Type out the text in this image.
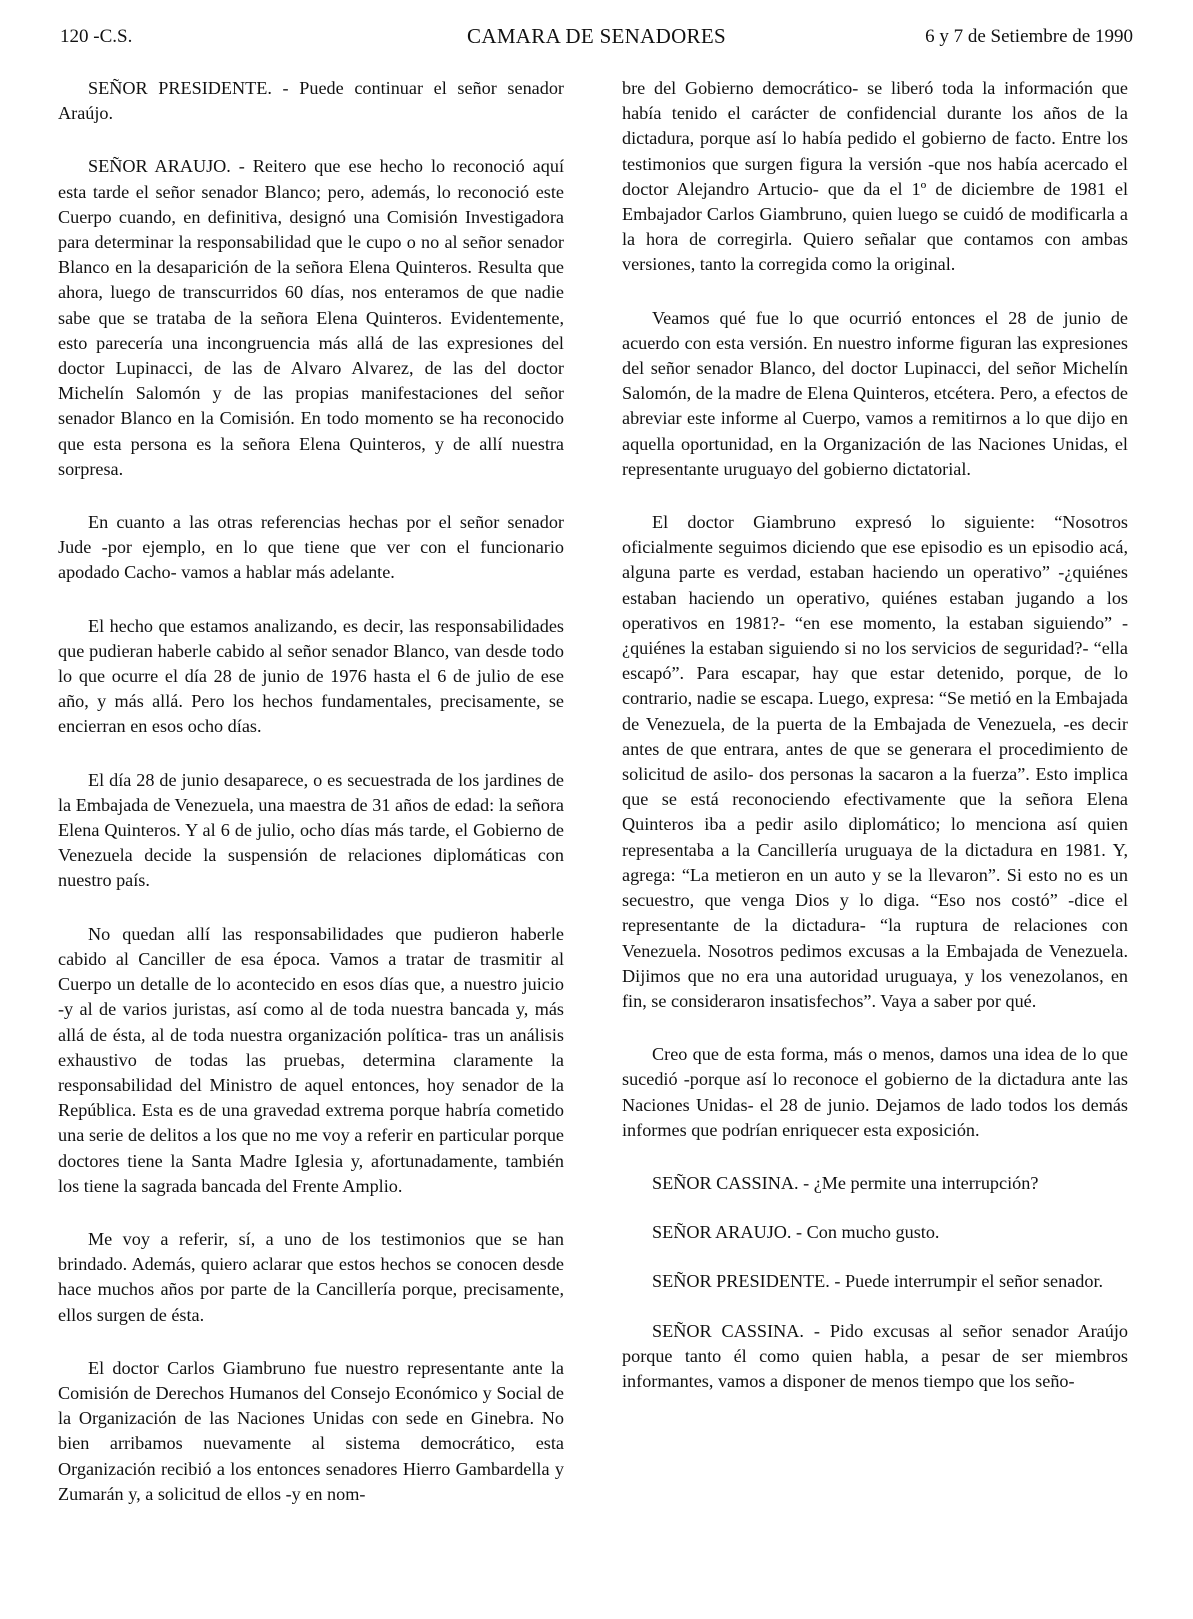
120 -C.S.	CAMARA DE SENADORES	6 y 7 de Setiembre de 1990

SEÑOR PRESIDENTE. - Puede continuar el señor senador Araújo.

SEÑOR ARAUJO. - Reitero que ese hecho lo reconoció aquí esta tarde el señor senador Blanco; pero, además, lo reconoció este Cuerpo cuando, en definitiva, designó una Comisión Investigadora para determinar la responsabilidad que le cupo o no al señor senador Blanco en la desaparición de la señora Elena Quinteros. Resulta que ahora, luego de transcurridos 60 días, nos enteramos de que nadie sabe que se trataba de la señora Elena Quinteros. Evidentemente, esto parecería una incongruencia más allá de las expresiones del doctor Lupinacci, de las de Alvaro Alvarez, de las del doctor Michelín Salomón y de las propias manifestaciones del señor senador Blanco en la Comisión. En todo momento se ha reconocido que esta persona es la señora Elena Quinteros, y de allí nuestra sorpresa.

En cuanto a las otras referencias hechas por el señor senador Jude -por ejemplo, en lo que tiene que ver con el funcionario apodado Cacho- vamos a hablar más adelante.

El hecho que estamos analizando, es decir, las responsabilidades que pudieran haberle cabido al señor senador Blanco, van desde todo lo que ocurre el día 28 de junio de 1976 hasta el 6 de julio de ese año, y más allá. Pero los hechos fundamentales, precisamente, se encierran en esos ocho días.

El día 28 de junio desaparece, o es secuestrada de los jardines de la Embajada de Venezuela, una maestra de 31 años de edad: la señora Elena Quinteros. Y al 6 de julio, ocho días más tarde, el Gobierno de Venezuela decide la suspensión de relaciones diplomáticas con nuestro país.

No quedan allí las responsabilidades que pudieron haberle cabido al Canciller de esa época. Vamos a tratar de trasmitir al Cuerpo un detalle de lo acontecido en esos días que, a nuestro juicio -y al de varios juristas, así como al de toda nuestra bancada y, más allá de ésta, al de toda nuestra organización política- tras un análisis exhaustivo de todas las pruebas, determina claramente la responsabilidad del Ministro de aquel entonces, hoy senador de la República. Esta es de una gravedad extrema porque habría cometido una serie de delitos a los que no me voy a referir en particular porque doctores tiene la Santa Madre Iglesia y, afortunadamente, también los tiene la sagrada bancada del Frente Amplio.

Me voy a referir, sí, a uno de los testimonios que se han brindado. Además, quiero aclarar que estos hechos se conocen desde hace muchos años por parte de la Cancillería porque, precisamente, ellos surgen de ésta.

El doctor Carlos Giambruno fue nuestro representante ante la Comisión de Derechos Humanos del Consejo Económico y Social de la Organización de las Naciones Unidas con sede en Ginebra. No bien arribamos nuevamente al sistema democrático, esta Organización recibió a los entonces senadores Hierro Gambardella y Zumarán y, a solicitud de ellos -y en nom-

bre del Gobierno democrático- se liberó toda la información que había tenido el carácter de confidencial durante los años de la dictadura, porque así lo había pedido el gobierno de facto. Entre los testimonios que surgen figura la versión -que nos había acercado el doctor Alejandro Artucio- que da el 1º de diciembre de 1981 el Embajador Carlos Giambruno, quien luego se cuidó de modificarla a la hora de corregirla. Quiero señalar que contamos con ambas versiones, tanto la corregida como la original.

Veamos qué fue lo que ocurrió entonces el 28 de junio de acuerdo con esta versión. En nuestro informe figuran las expresiones del señor senador Blanco, del doctor Lupinacci, del señor Michelín Salomón, de la madre de Elena Quinteros, etcétera. Pero, a efectos de abreviar este informe al Cuerpo, vamos a remitirnos a lo que dijo en aquella oportunidad, en la Organización de las Naciones Unidas, el representante uruguayo del gobierno dictatorial.

El doctor Giambruno expresó lo siguiente: “Nosotros oficialmente seguimos diciendo que ese episodio es un episodio acá, alguna parte es verdad, estaban haciendo un operativo” -¿quiénes estaban haciendo un operativo, quiénes estaban jugando a los operativos en 1981?- “en ese momento, la estaban siguiendo” -¿quiénes la estaban siguiendo si no los servicios de seguridad?- “ella escapó”. Para escapar, hay que estar detenido, porque, de lo contrario, nadie se escapa. Luego, expresa: “Se metió en la Embajada de Venezuela, de la puerta de la Embajada de Venezuela, -es decir antes de que entrara, antes de que se generara el procedimiento de solicitud de asilo- dos personas la sacaron a la fuerza”. Esto implica que se está reconociendo efectivamente que la señora Elena Quinteros iba a pedir asilo diplomático; lo menciona así quien representaba a la Cancillería uruguaya de la dictadura en 1981. Y, agrega: “La metieron en un auto y se la llevaron”. Si esto no es un secuestro, que venga Dios y lo diga. “Eso nos costó” -dice el representante de la dictadura- “la ruptura de relaciones con Venezuela. Nosotros pedimos excusas a la Embajada de Venezuela. Dijimos que no era una autoridad uruguaya, y los venezolanos, en fin, se consideraron insatisfechos”. Vaya a saber por qué.

Creo que de esta forma, más o menos, damos una idea de lo que sucedió -porque así lo reconoce el gobierno de la dictadura ante las Naciones Unidas- el 28 de junio. Dejamos de lado todos los demás informes que podrían enriquecer esta exposición.

SEÑOR CASSINA. - ¿Me permite una interrupción?

SEÑOR ARAUJO. - Con mucho gusto.

SEÑOR PRESIDENTE. - Puede interrumpir el señor senador.

SEÑOR CASSINA. - Pido excusas al señor senador Araújo porque tanto él como quien habla, a pesar de ser miembros informantes, vamos a disponer de menos tiempo que los seño-
